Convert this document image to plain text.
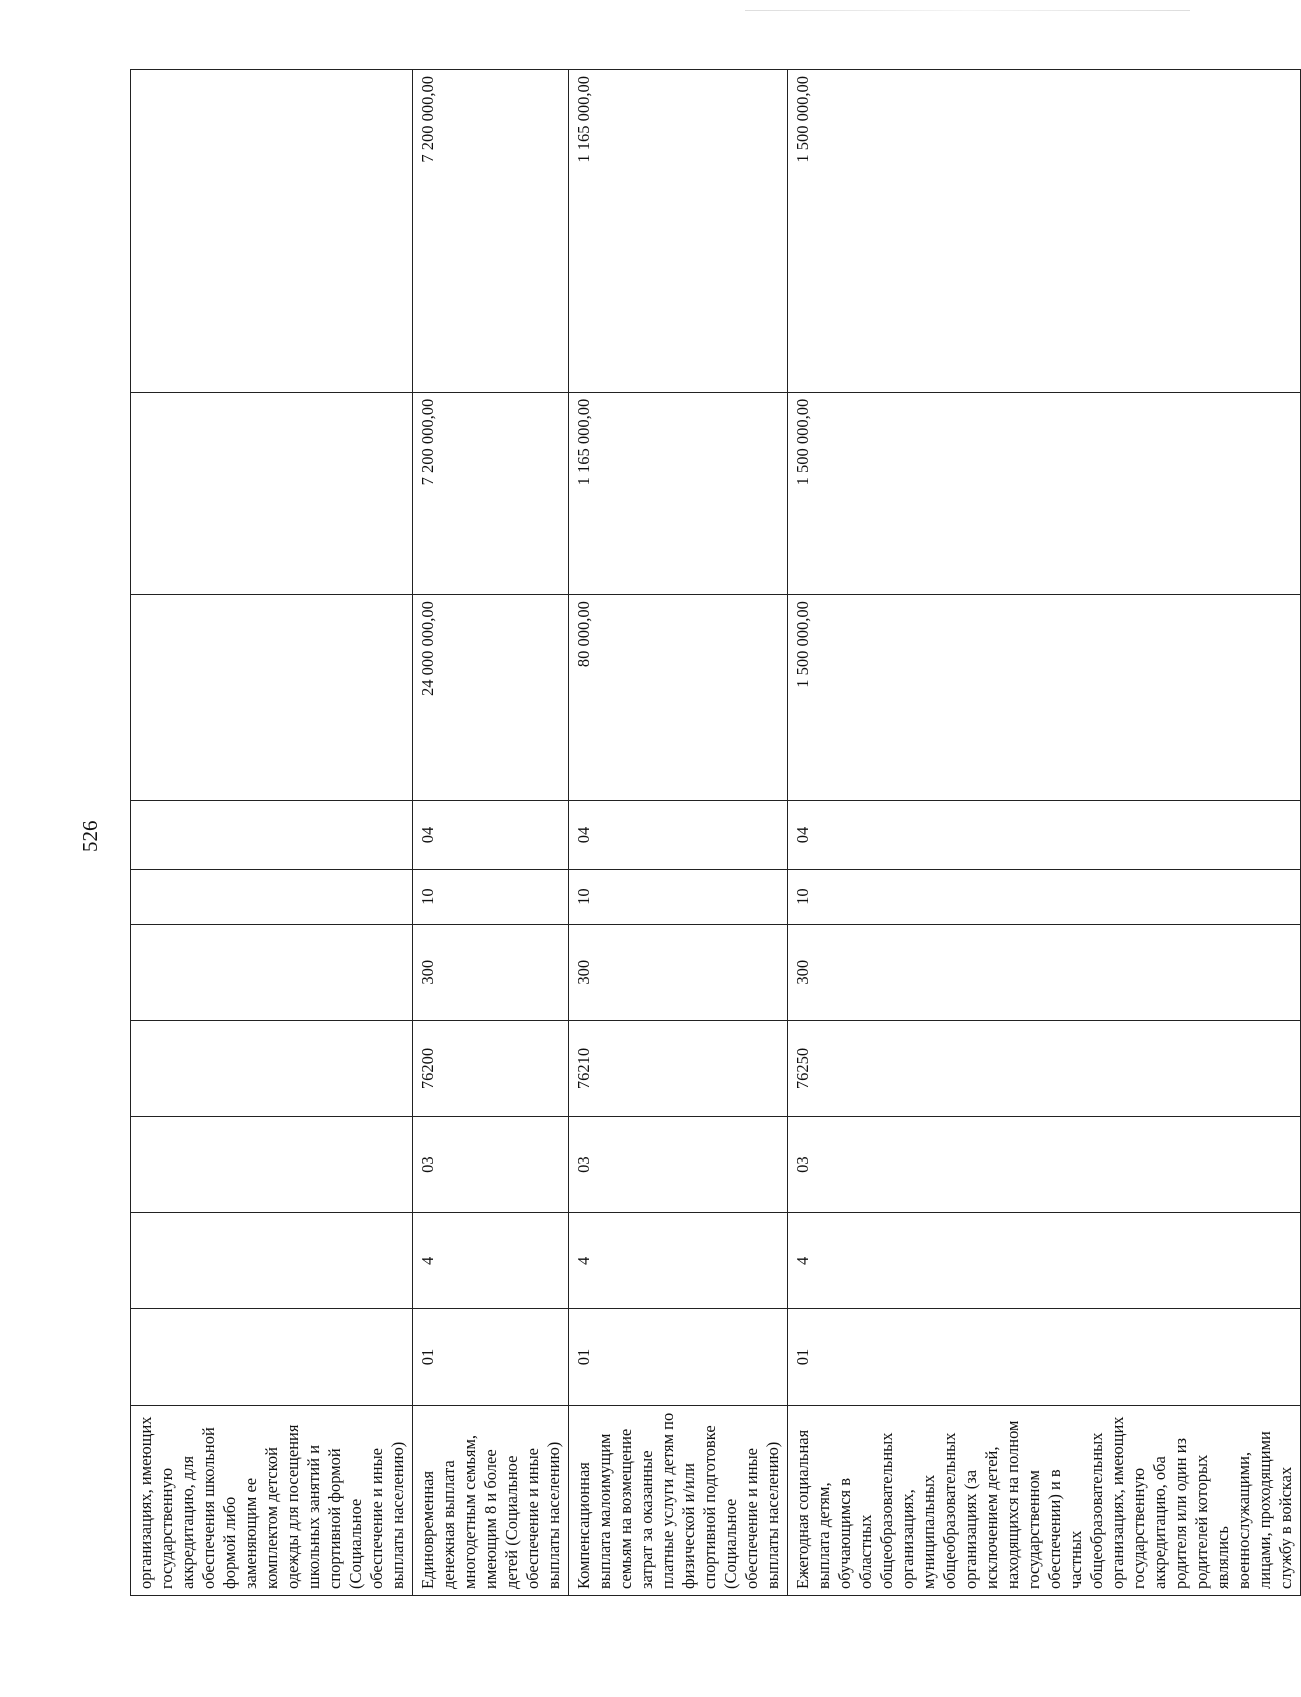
526
организациях, имеющих государственную аккредитацию, для обеспечения школьной формой либо заменяющим ее комплектом детской одежды для посещения школьных занятий и спортивной формой (Социальное обеспечение и иные выплаты населению)										
Единовременная денежная выплата многодетным семьям, имеющим 8 и более детей (Социальное обеспечение и иные выплаты населению)	01	4	03	76200	300	10	04	24 000 000,00	7 200 000,00	7 200 000,00
Компенсационная выплата малоимущим семьям на возмещение затрат за оказанные платные услуги детям по физической и/или спортивной подготовке (Социальное обеспечение и иные выплаты населению)	01	4	03	76210	300	10	04	80 000,00	1 165 000,00	1 165 000,00
Ежегодная социальная выплата детям, обучающимся в областных общеобразовательных организациях, муниципальных общеобразовательных организациях (за исключением детей, находящихся на полном государственном обеспечении) и в частных общеобразовательных организациях, имеющих государственную аккредитацию, оба родителя или один из родителей которых являлись военнослужащими, лицами, проходящими службу в войсках	01	4	03	76250	300	10	04	1 500 000,00	1 500 000,00	1 500 000,00
